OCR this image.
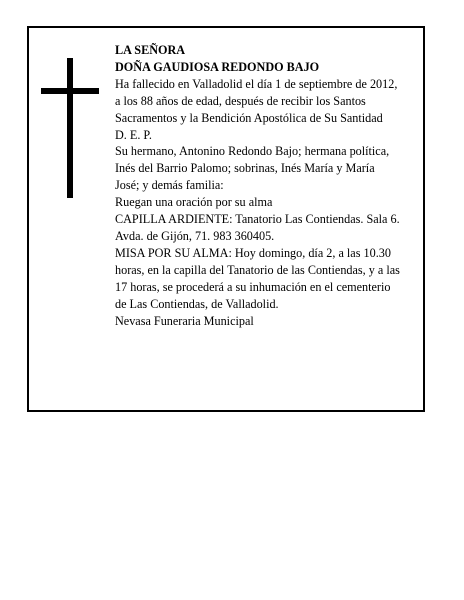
LA SEÑORA

DOÑA GAUDIOSA REDONDO BAJO

Ha fallecido en Valladolid el día 1 de septiembre de 2012, a los 88 años de edad, después de recibir los Santos Sacramentos y la Bendición Apostólica de Su Santidad

D. E. P.

Su hermano, Antonino Redondo Bajo; hermana política, Inés del Barrio Palomo; sobrinas, Inés María y María José; y demás familia:

Ruegan una oración por su alma

CAPILLA ARDIENTE: Tanatorio Las Contiendas. Sala 6. Avda. de Gijón, 71. 983 360405.

MISA POR SU ALMA: Hoy domingo, día 2, a las 10.30 horas, en la capilla del Tanatorio de las Contiendas, y a las 17 horas, se procederá a su inhumación en el cementerio de Las Contiendas, de Valladolid.

Nevasa Funeraria Municipal
